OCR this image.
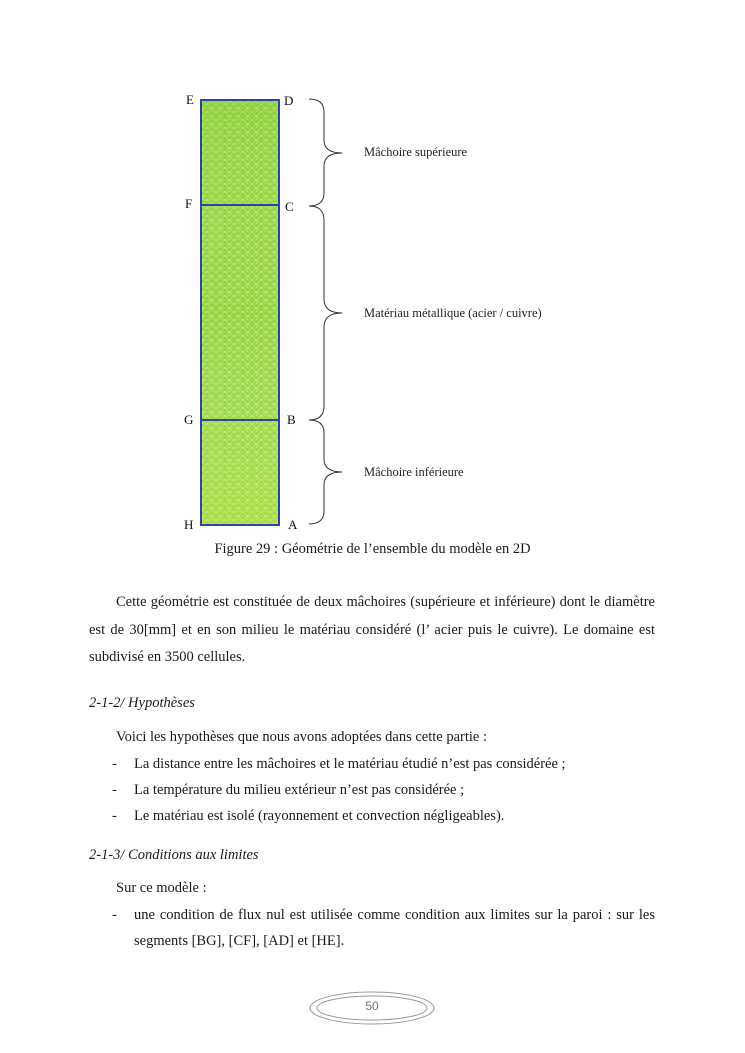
E	D
F	C
G	B
H	A
Mâchoire supérieure
Matériau métallique (acier / cuivre)
Mâchoire inférieure
Figure 29 : Géométrie de l’ensemble du modèle en 2D

Cette géométrie est constituée de deux mâchoires (supérieure et inférieure) dont le diamètre est de 30[mm] et en son milieu le matériau considéré (l’ acier puis le cuivre). Le domaine est subdivisé en 3500 cellules.

2-1-2/ Hypothèses
Voici les hypothèses que nous avons adoptées dans cette partie :
- La distance entre les mâchoires et le matériau étudié n’est pas considérée ;
- La température du milieu extérieur n’est pas considérée ;
- Le matériau est isolé (rayonnement et convection négligeables).
2-1-3/ Conditions aux limites
Sur ce modèle :
- une condition de flux nul est utilisée comme condition aux limites sur la paroi : sur les segments [BG], [CF], [AD] et [HE].
50
